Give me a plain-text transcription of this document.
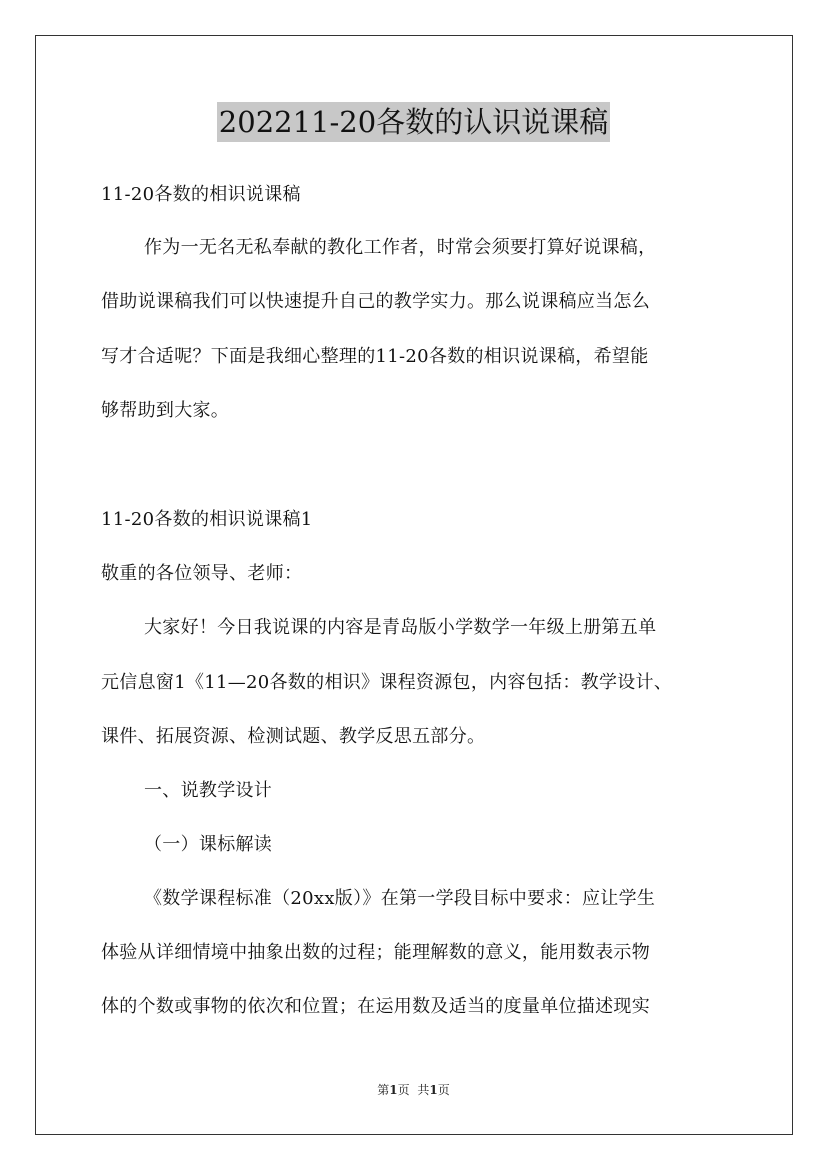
202211-20各数的认识说课稿
11-20各数的相识说课稿
作为一无名无私奉献的教化工作者，时常会须要打算好说课稿，
借助说课稿我们可以快速提升自己的教学实力。那么说课稿应当怎么
写才合适呢？下面是我细心整理的11-20各数的相识说课稿，希望能
够帮助到大家。
11-20各数的相识说课稿1
敬重的各位领导、老师：
大家好！今日我说课的内容是青岛版小学数学一年级上册第五单
元信息窗1《11—20各数的相识》课程资源包，内容包括：教学设计、
课件、拓展资源、检测试题、教学反思五部分。
一、说教学设计
（一）课标解读
《数学课程标准（20xx版）》在第一学段目标中要求：应让学生
体验从详细情境中抽象出数的过程；能理解数的意义，能用数表示物
体的个数或事物的依次和位置；在运用数及适当的度量单位描述现实
第1页 共1页
